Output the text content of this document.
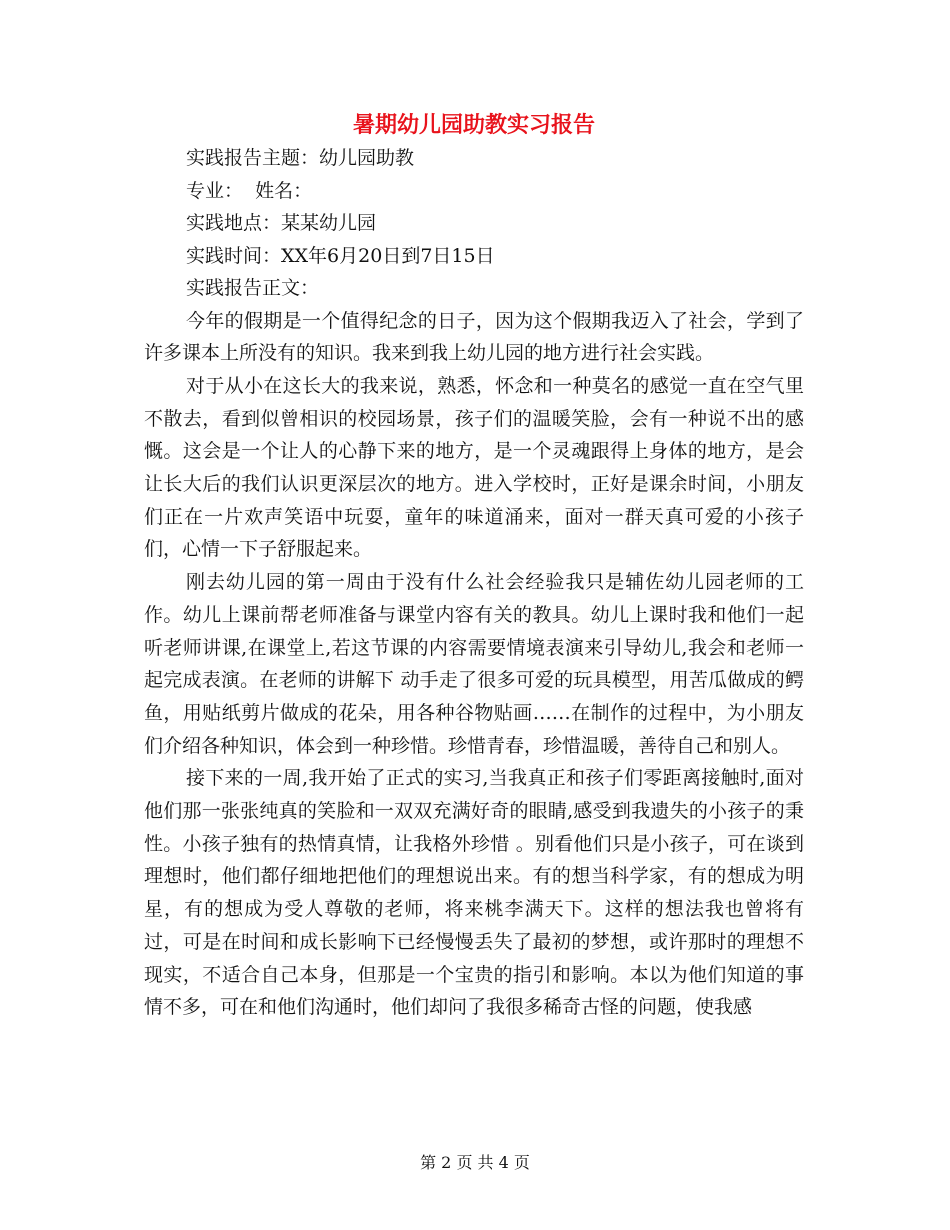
暑期幼儿园助教实习报告
实践报告主题：幼儿园助教
专业：  姓名：
实践地点：某某幼儿园
实践时间：XX年6月20日到7日15日
实践报告正文：

今年的假期是一个值得纪念的日子，因为这个假期我迈入了社会，学到了许多课本上所没有的知识。我来到我上幼儿园的地方进行社会实践。

对于从小在这长大的我来说，熟悉，怀念和一种莫名的感觉一直在空气里不散去，看到似曾相识的校园场景，孩子们的温暖笑脸，会有一种说不出的感慨。这会是一个让人的心静下来的地方，是一个灵魂跟得上身体的地方，是会让长大后的我们认识更深层次的地方。进入学校时，正好是课余时间，小朋友们正在一片欢声笑语中玩耍，童年的味道涌来，面对一群天真可爱的小孩子们，心情一下子舒服起来。

刚去幼儿园的第一周由于没有什么社会经验我只是辅佐幼儿园老师的工作。幼儿上课前帮老师准备与课堂内容有关的教具。幼儿上课时我和他们一起听老师讲课,在课堂上,若这节课的内容需要情境表演来引导幼儿,我会和老师一起完成表演。在老师的讲解下 动手走了很多可爱的玩具模型，用苦瓜做成的鳄鱼，用贴纸剪片做成的花朵，用各种谷物贴画……在制作的过程中，为小朋友们介绍各种知识，体会到一种珍惜。珍惜青春，珍惜温暖，善待自己和别人。

接下来的一周,我开始了正式的实习,当我真正和孩子们零距离接触时,面对他们那一张张纯真的笑脸和一双双充满好奇的眼睛,感受到我遗失的小孩子的秉性。小孩子独有的热情真情，让我格外珍惜 。别看他们只是小孩子，可在谈到理想时，他们都仔细地把他们的理想说出来。有的想当科学家，有的想成为明星，有的想成为受人尊敬的老师，将来桃李满天下。这样的想法我也曾将有过，可是在时间和成长影响下已经慢慢丢失了最初的梦想，或许那时的理想不现实，不适合自己本身，但那是一个宝贵的指引和影响。本以为他们知道的事情不多，可在和他们沟通时，他们却问了我很多稀奇古怪的问题，使我感

第 2 页 共 4 页
